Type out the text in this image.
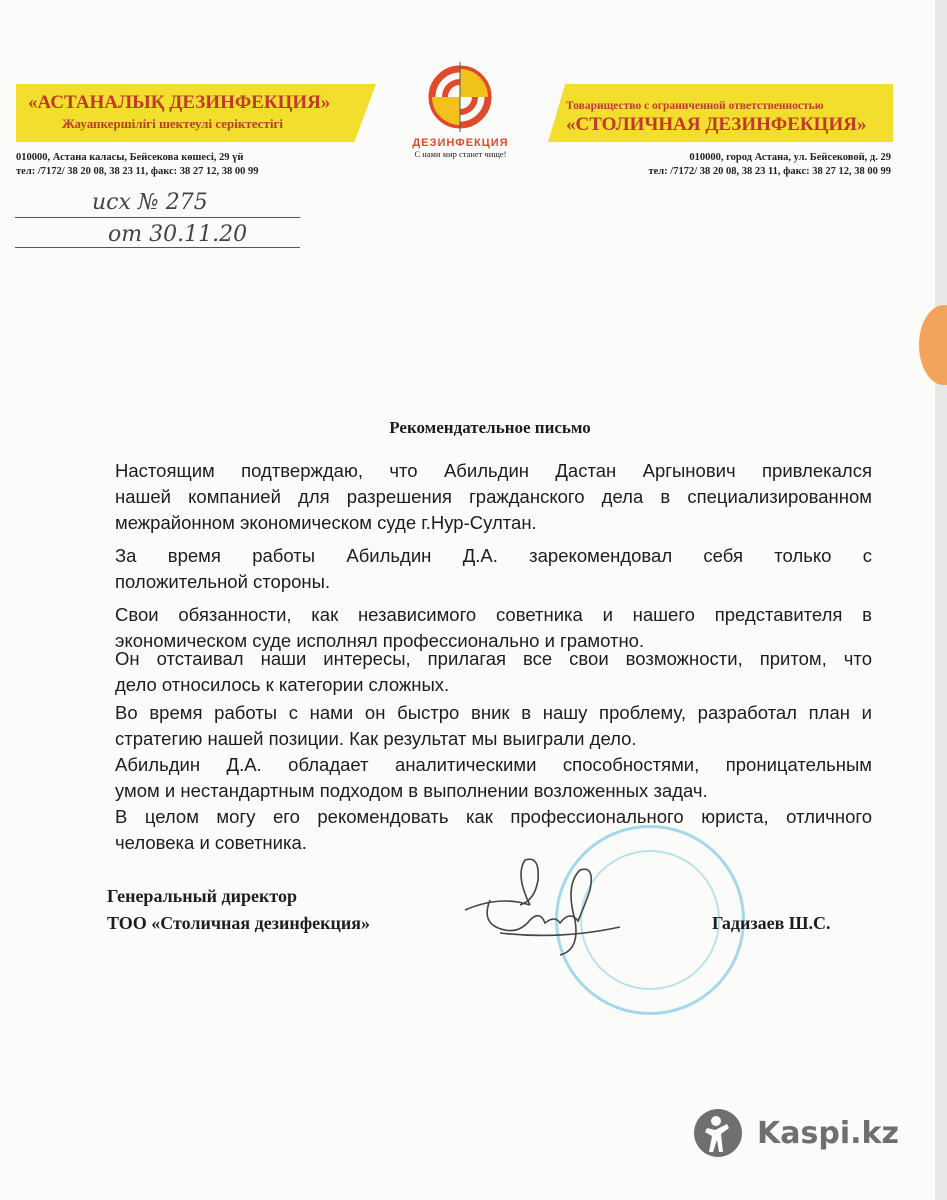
«АСТАНАЛЫҚ ДЕЗИНФЕКЦИЯ»
Жауапкершілігі шектеулі серіктестігі
Товарищество с ограниченной ответственностью
«СТОЛИЧНАЯ ДЕЗИНФЕКЦИЯ»
ДЕЗИНФЕКЦИЯ
С нами мир станет чище!
010000, Астана каласы, Бейсекова көшесі, 29 үй
тел: /7172/ 38 20 08, 38 23 11, факс: 38 27 12, 38 00 99
010000, город Астана, ул. Бейсековой, д. 29
тел: /7172/ 38 20 08, 38 23 11, факс: 38 27 12, 38 00 99
исх № 275
от 30.11.20
Рекомендательное письмо
Настоящим подтверждаю, что Абильдин Дастан Аргынович привлекался
нашей компанией для разрешения гражданского дела в специализированном
межрайонном экономическом суде г.Нур-Султан.
За время работы Абильдин Д.А. зарекомендовал себя только с
положительной стороны.
Свои обязанности, как независимого советника и нашего представителя в
экономическом суде исполнял профессионально и грамотно.
Он отстаивал наши интересы, прилагая все свои возможности, притом, что
дело относилось к категории сложных.
Во время работы с нами он быстро вник в нашу проблему, разработал план и
стратегию нашей позиции. Как результат мы выиграли дело.
Абильдин Д.А. обладает аналитическими способностями, проницательным
умом и нестандартным подходом в выполнении возложенных задач.
В целом могу его рекомендовать как профессионального юриста, отличного
человека и советника.
Генеральный директор
ТОО «Столичная дезинфекция»	Гадизаев Ш.С.
Kaspi.kz
